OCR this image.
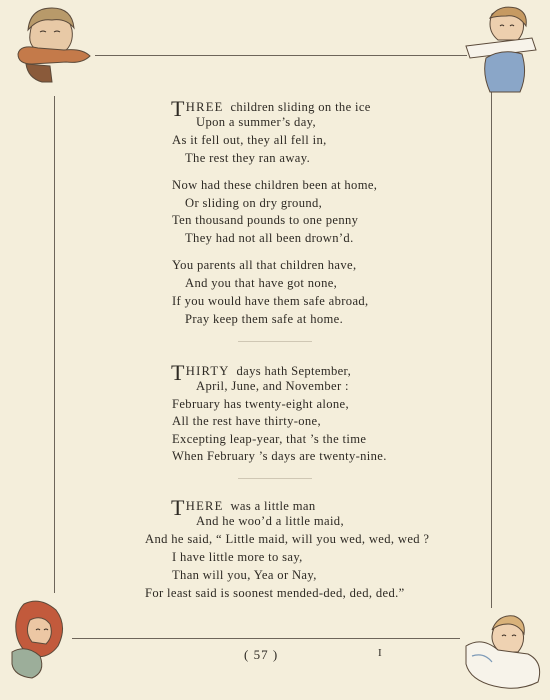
THREE children sliding on the ice
Upon a summer’s day,
As it fell out, they all fell in,
The rest they ran away.
Now had these children been at home,
Or sliding on dry ground,
Ten thousand pounds to one penny
They had not all been drown’d.
You parents all that children have,
And you that have got none,
If you would have them safe abroad,
Pray keep them safe at home.
THIRTY days hath September,
April, June, and November :
February has twenty-eight alone,
All the rest have thirty-one,
Excepting leap-year, that ’s the time
When February ’s days are twenty-nine.
THERE was a little man
And he woo’d a little maid,
And he said, “ Little maid, will you wed, wed, wed ?
I have little more to say,
Than will you, Yea or Nay,
For least said is soonest mended-ded, ded, ded.”
( 57 )	I
